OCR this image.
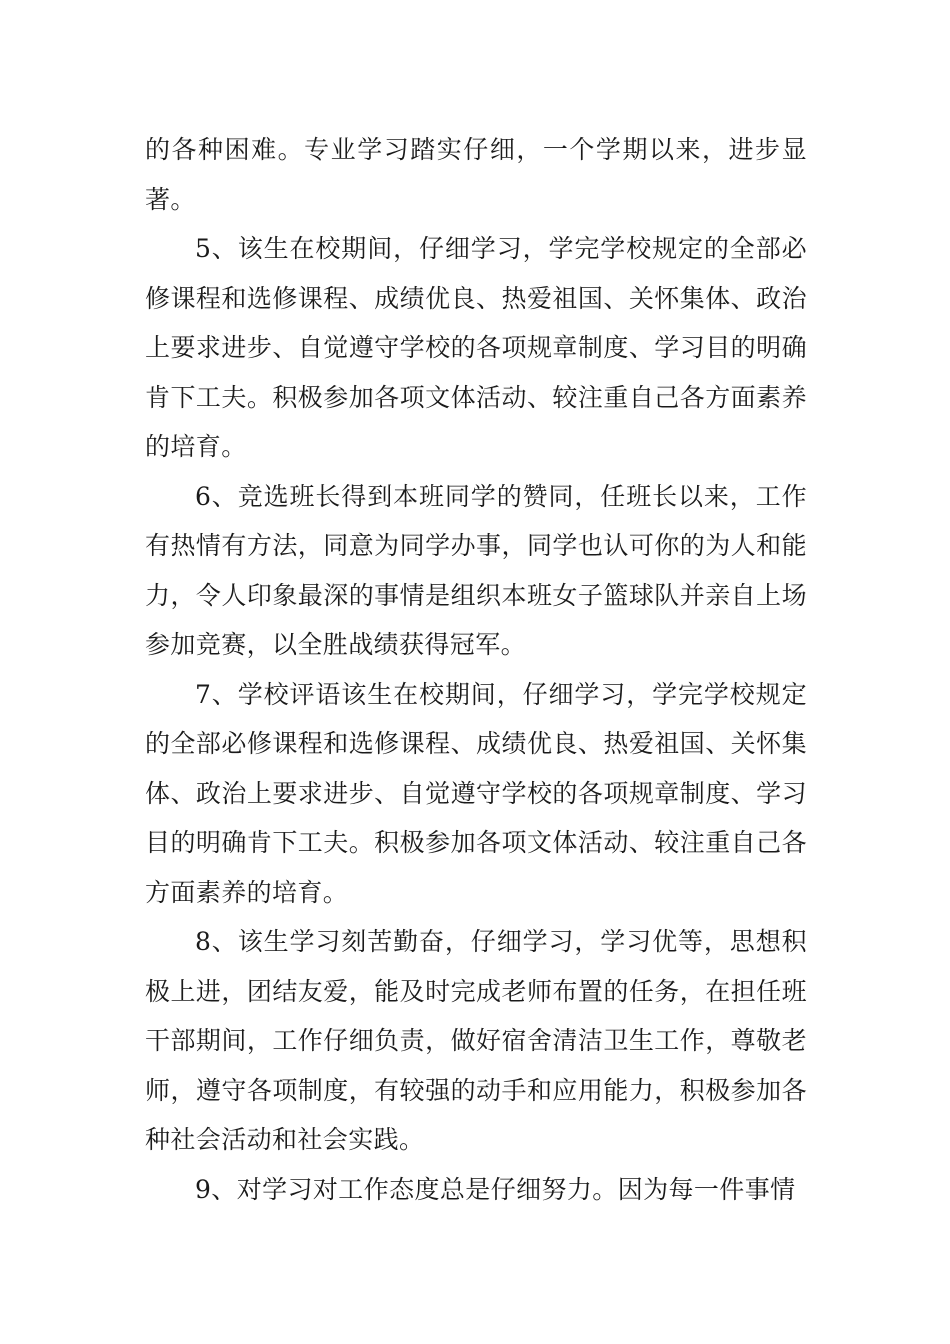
的各种困难。专业学习踏实仔细，一个学期以来，进步显著。

5、该生在校期间，仔细学习，学完学校规定的全部必修课程和选修课程、成绩优良、热爱祖国、关怀集体、政治上要求进步、自觉遵守学校的各项规章制度、学习目的明确肯下工夫。积极参加各项文体活动、较注重自己各方面素养的培育。

6、竞选班长得到本班同学的赞同，任班长以来，工作有热情有方法，同意为同学办事，同学也认可你的为人和能力，令人印象最深的事情是组织本班女子篮球队并亲自上场参加竞赛，以全胜战绩获得冠军。

7、学校评语该生在校期间，仔细学习，学完学校规定的全部必修课程和选修课程、成绩优良、热爱祖国、关怀集体、政治上要求进步、自觉遵守学校的各项规章制度、学习目的明确肯下工夫。积极参加各项文体活动、较注重自己各方面素养的培育。

8、该生学习刻苦勤奋，仔细学习，学习优等，思想积极上进，团结友爱，能及时完成老师布置的任务，在担任班干部期间，工作仔细负责，做好宿舍清洁卫生工作，尊敬老师，遵守各项制度，有较强的动手和应用能力，积极参加各种社会活动和社会实践。

9、对学习对工作态度总是仔细努力。因为每一件事情
